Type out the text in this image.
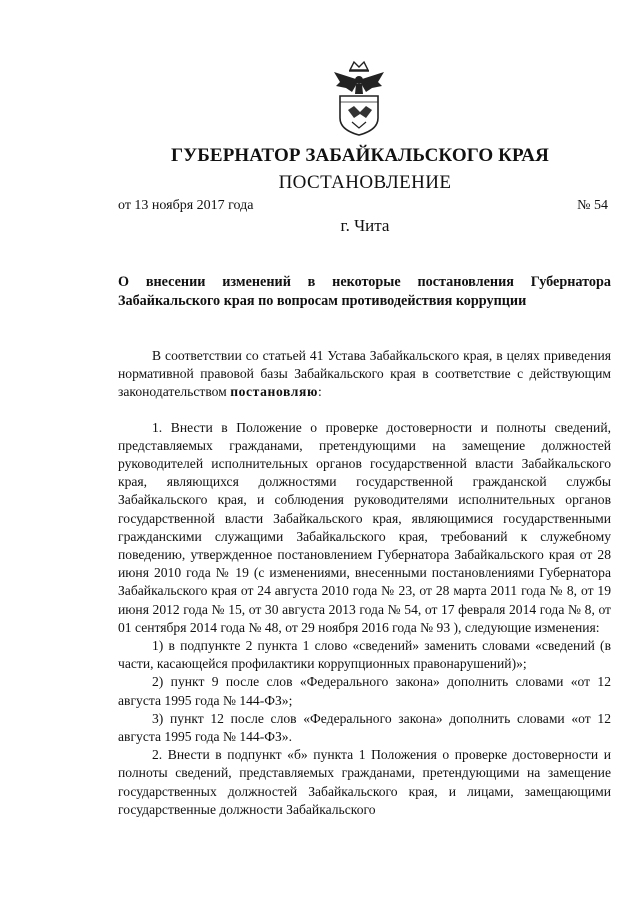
ГУБЕРНАТОР ЗАБАЙКАЛЬСКОГО КРАЯ
ПОСТАНОВЛЕНИЕ
от 13 ноября 2017 года	№ 54
г. Чита
О внесении изменений в некоторые постановления Губернатора Забайкальского края по вопросам противодействия коррупции

В соответствии со статьей 41 Устава Забайкальского края, в целях приведения нормативной правовой базы Забайкальского края в соответствие с действующим законодательством постановляю:

1. Внести в Положение о проверке достоверности и полноты сведений, представляемых гражданами, претендующими на замещение должностей руководителей исполнительных органов государственной власти Забайкальского края, являющихся должностями государственной гражданской службы Забайкальского края, и соблюдения руководителями исполнительных органов государственной власти Забайкальского края, являющимися государственными гражданскими служащими Забайкальского края, требований к служебному поведению, утвержденное постановлением Губернатора Забайкальского края от 28 июня 2010 года № 19 (с изменениями, внесенными постановлениями Губернатора Забайкальского края от 24 августа 2010 года № 23, от 28 марта 2011 года № 8, от 19 июня 2012 года № 15, от 30 августа 2013 года № 54, от 17 февраля 2014 года № 8, от 01 сентября 2014 года № 48, от 29 ноября 2016 года № 93 ), следующие изменения:

1) в подпункте 2 пункта 1 слово «сведений» заменить словами «сведений (в части, касающейся профилактики коррупционных правонарушений)»;

2) пункт 9 после слов «Федерального закона» дополнить словами «от 12 августа 1995 года № 144-ФЗ»;

3) пункт 12 после слов «Федерального закона» дополнить словами «от 12 августа 1995 года № 144-ФЗ».

2. Внести в подпункт «б» пункта 1 Положения о проверке достоверности и полноты сведений, представляемых гражданами, претендующими на замещение государственных должностей Забайкальского края, и лицами, замещающими государственные должности Забайкальского
